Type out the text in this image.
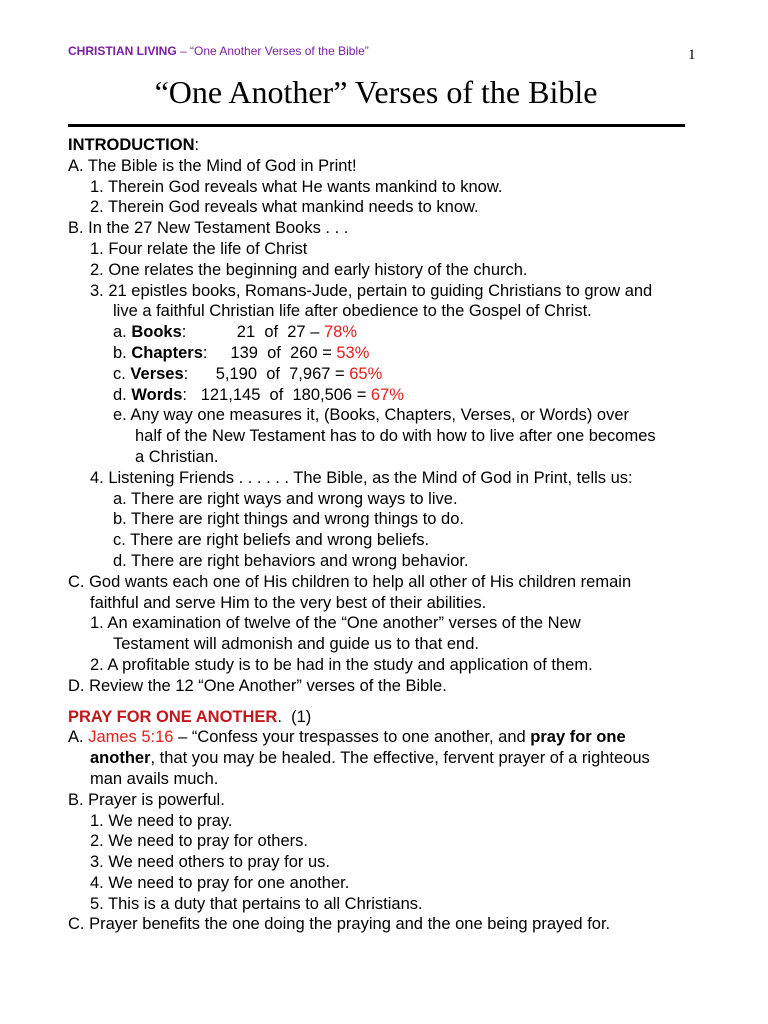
CHRISTIAN LIVING – “One Another Verses of the Bible”	1
“One Another” Verses of the Bible
INTRODUCTION:
A. The Bible is the Mind of God in Print!
1. Therein God reveals what He wants mankind to know.
2. Therein God reveals what mankind needs to know.
B. In the 27 New Testament Books . . .
1. Four relate the life of Christ
2. One relates the beginning and early history of the church.
3. 21 epistles books, Romans-Jude, pertain to guiding Christians to grow and
live a faithful Christian life after obedience to the Gospel of Christ.
a. Books:           21  of  27 – 78%
b. Chapters:     139  of  260 = 53%
c. Verses:      5,190  of  7,967 = 65%
d. Words:   121,145  of  180,506 = 67%
e. Any way one measures it, (Books, Chapters, Verses, or Words) over
half of the New Testament has to do with how to live after one becomes
a Christian.
4. Listening Friends . . . . . . The Bible, as the Mind of God in Print, tells us:
a. There are right ways and wrong ways to live.
b. There are right things and wrong things to do.
c. There are right beliefs and wrong beliefs.
d. There are right behaviors and wrong behavior.
C. God wants each one of His children to help all other of His children remain
faithful and serve Him to the very best of their abilities.
1. An examination of twelve of the “One another” verses of the New
Testament will admonish and guide us to that end.
2. A profitable study is to be had in the study and application of them.
D. Review the 12 “One Another” verses of the Bible.
PRAY FOR ONE ANOTHER.  (1)
A. James 5:16 – “Confess your trespasses to one another, and pray for one
another, that you may be healed. The effective, fervent prayer of a righteous
man avails much.
B. Prayer is powerful.
1. We need to pray.
2. We need to pray for others.
3. We need others to pray for us.
4. We need to pray for one another.
5. This is a duty that pertains to all Christians.
C. Prayer benefits the one doing the praying and the one being prayed for.
